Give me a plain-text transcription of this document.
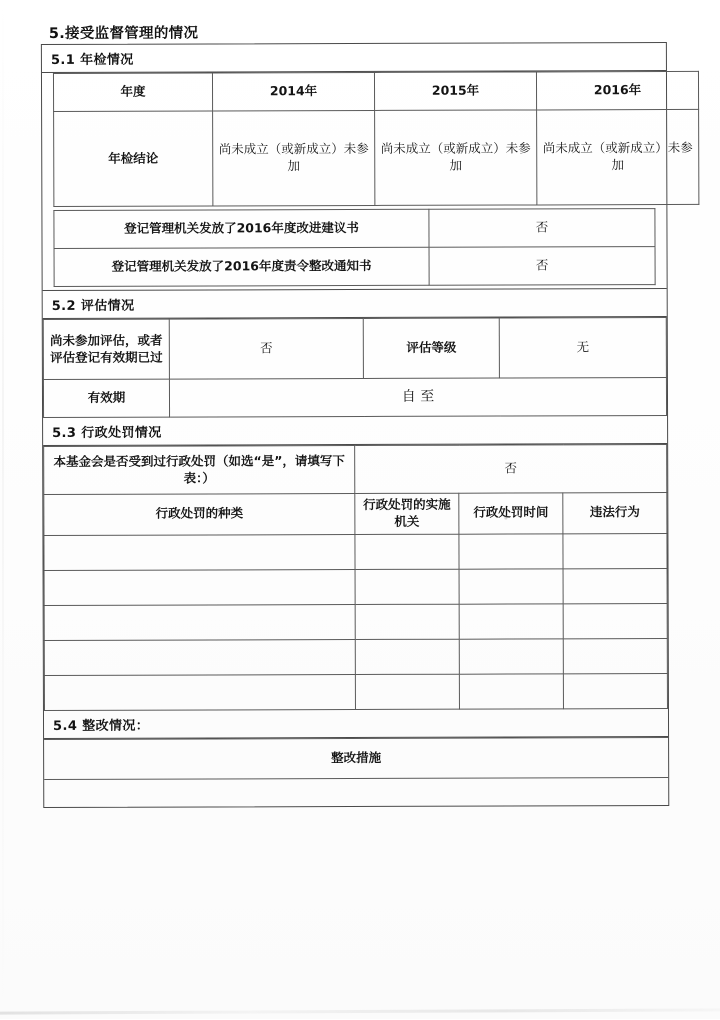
5.接受监督管理的情况
5.1 年检情况
年度	2014年	2015年	2016年
年检结论	尚未成立（或新成立）未参加	尚未成立（或新成立）未参加	尚未成立（或新成立）未参加
登记管理机关发放了2016年度改进建议书	否
登记管理机关发放了2016年度责令整改通知书	否
5.2 评估情况
尚未参加评估，或者评估登记有效期已过	否	评估等级	无
有效期	自 至		
5.3 行政处罚情况
本基金会是否受到过行政处罚（如选“是”，请填写下表：）	否		
行政处罚的种类	行政处罚的实施机关	行政处罚时间	违法行为

5.4 整改情况：
整改措施
